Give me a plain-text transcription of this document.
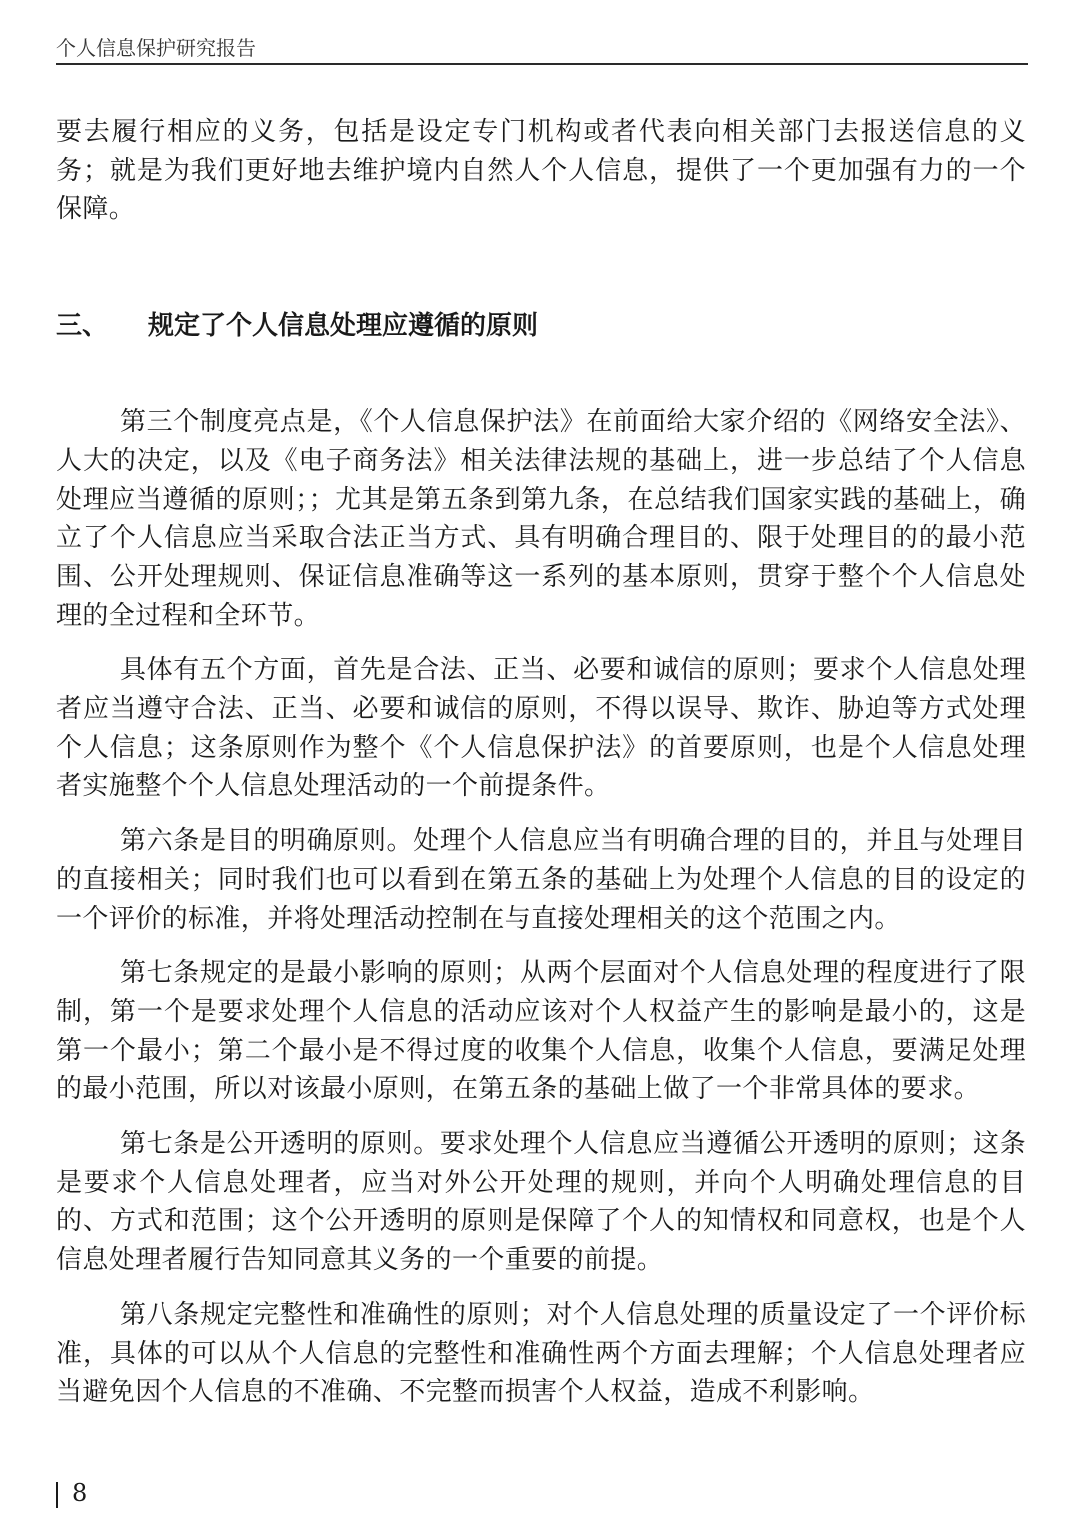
个人信息保护研究报告

要去履行相应的义务，包括是设定专门机构或者代表向相关部门去报送信息的义务；就是为我们更好地去维护境内自然人个人信息，提供了一个更加强有力的一个保障。

三、 规定了个人信息处理应遵循的原则

第三个制度亮点是，《个人信息保护法》在前面给大家介绍的《网络安全法》、人大的决定，以及《电子商务法》相关法律法规的基础上，进一步总结了个人信息处理应当遵循的原则；；尤其是第五条到第九条，在总结我们国家实践的基础上，确立了个人信息应当采取合法正当方式、具有明确合理目的、限于处理目的的最小范围、公开处理规则、保证信息准确等这一系列的基本原则，贯穿于整个个人信息处理的全过程和全环节。

具体有五个方面，首先是合法、正当、必要和诚信的原则；要求个人信息处理者应当遵守合法、正当、必要和诚信的原则，不得以误导、欺诈、胁迫等方式处理个人信息；这条原则作为整个《个人信息保护法》的首要原则，也是个人信息处理者实施整个个人信息处理活动的一个前提条件。

第六条是目的明确原则。处理个人信息应当有明确合理的目的，并且与处理目的直接相关；同时我们也可以看到在第五条的基础上为处理个人信息的目的设定的一个评价的标准，并将处理活动控制在与直接处理相关的这个范围之内。

第七条规定的是最小影响的原则；从两个层面对个人信息处理的程度进行了限制，第一个是要求处理个人信息的活动应该对个人权益产生的影响是最小的，这是第一个最小；第二个最小是不得过度的收集个人信息，收集个人信息，要满足处理的最小范围，所以对该最小原则，在第五条的基础上做了一个非常具体的要求。

第七条是公开透明的原则。要求处理个人信息应当遵循公开透明的原则；这条是要求个人信息处理者，应当对外公开处理的规则，并向个人明确处理信息的目的、方式和范围；这个公开透明的原则是保障了个人的知情权和同意权，也是个人信息处理者履行告知同意其义务的一个重要的前提。

第八条规定完整性和准确性的原则；对个人信息处理的质量设定了一个评价标准，具体的可以从个人信息的完整性和准确性两个方面去理解；个人信息处理者应当避免因个人信息的不准确、不完整而损害个人权益，造成不利影响。

8
